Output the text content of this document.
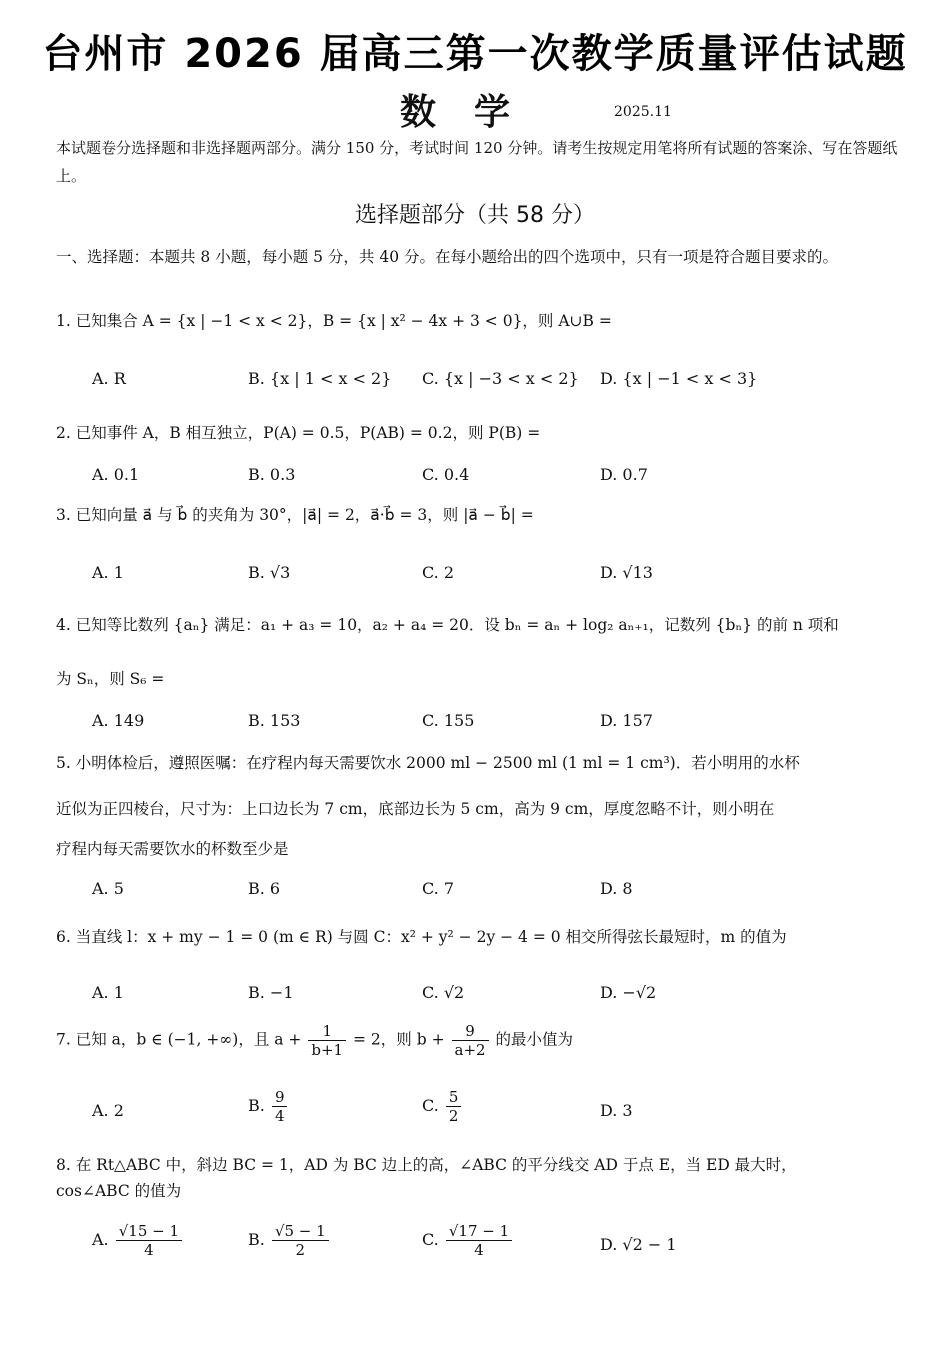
台州市 2026 届高三第一次教学质量评估试题
数学	2025.11
本试题卷分选择题和非选择题两部分。满分 150 分，考试时间 120 分钟。请考生按规定用笔将所有试题的答案涂、写在答题纸上。
选择题部分（共 58 分）
一、选择题：本题共 8 小题，每小题 5 分，共 40 分。在每小题给出的四个选项中，只有一项是符合题目要求的。
1. 已知集合 A = {x | −1 < x < 2}，B = {x | x² − 4x + 3 < 0}，则 A∪B =
A. R	B. {x | 1 < x < 2} C. {x | −3 < x < 2} D. {x | −1 < x < 3}
2. 已知事件 A，B 相互独立，P(A) = 0.5，P(AB) = 0.2，则 P(B) =
A. 0.1	B. 0.3	C. 0.4	D. 0.7
3. 已知向量 a⃗ 与 b⃗ 的夹角为 30°，|a⃗| = 2，a⃗·b⃗ = 3，则 |a⃗ − b⃗| =
A. 1	B. √3	C. 2	D. √13
4. 已知等比数列 {aₙ} 满足：a₁ + a₃ = 10，a₂ + a₄ = 20．设 bₙ = aₙ + log₂ aₙ₊₁，记数列 {bₙ} 的前 n 项和
为 Sₙ，则 S₆ =
A. 149	B. 153	C. 155	D. 157
5. 小明体检后，遵照医嘱：在疗程内每天需要饮水 2000 ml − 2500 ml (1 ml = 1 cm³)．若小明用的水杯
近似为正四棱台，尺寸为：上口边长为 7 cm，底部边长为 5 cm，高为 9 cm，厚度忽略不计，则小明在
疗程内每天需要饮水的杯数至少是
A. 5	B. 6	C. 7	D. 8
6. 当直线 l：x + my − 1 = 0 (m ∈ R) 与圆 C：x² + y² − 2y − 4 = 0 相交所得弦长最短时，m 的值为
A. 1	B. −1	C. √2	D. −√2
7. 已知 a，b ∈ (−1, +∞)，且 $a + \frac{1}{b+1} = 2$，则 $b + \frac{9}{a+2}$ 的最小值为
A. 2	B. $\frac{9}{4}$	C. $\frac{5}{2}$	D. 3
8. 在 Rt△ABC 中，斜边 BC = 1，AD 为 BC 边上的高，∠ABC 的平分线交 AD 于点 E，当 ED 最大时，
cos∠ABC 的值为
A. $\frac{√15 - 1}{4}$	B. $\frac{√5 - 1}{2}$	C. $\frac{√17 - 1}{4}$	D. √2 − 1
